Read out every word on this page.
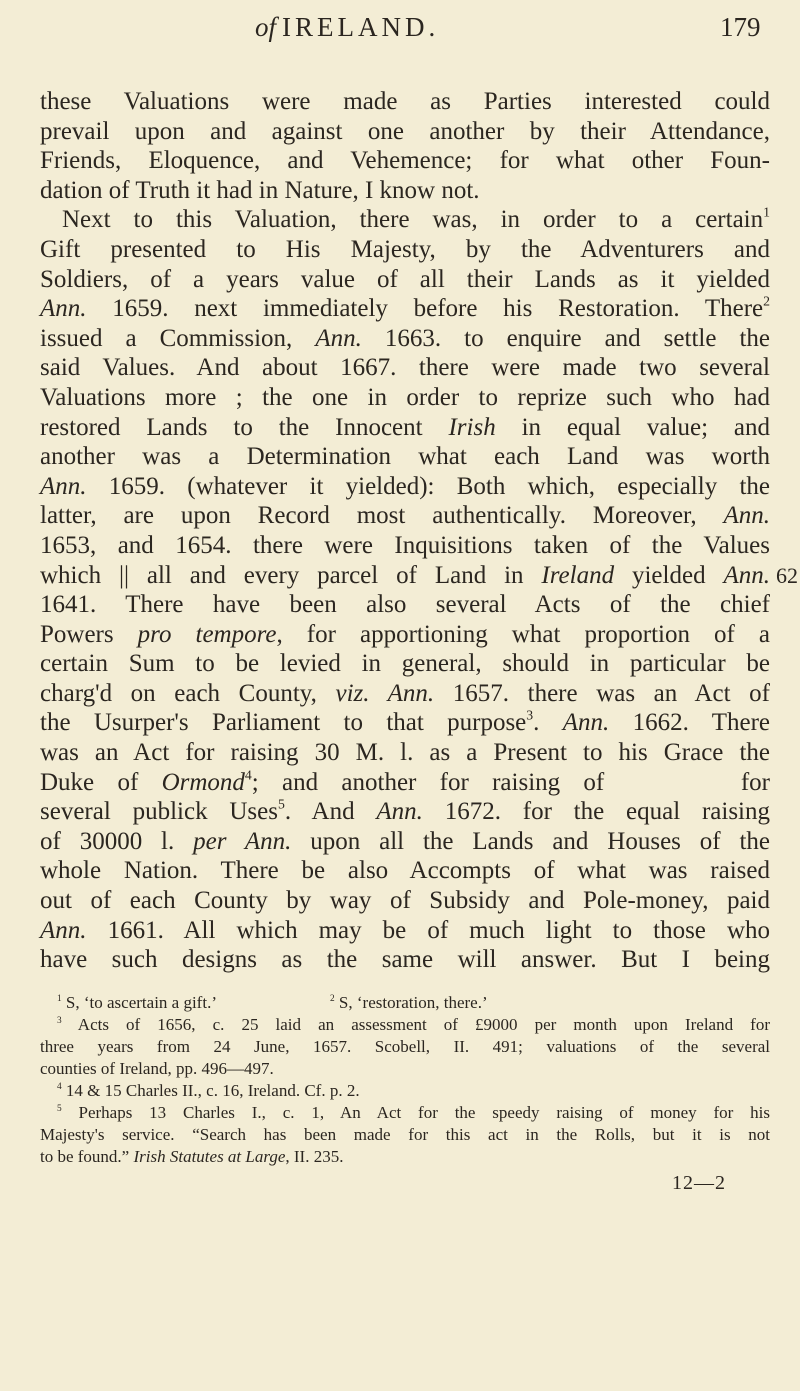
of IRELAND.	179
these Valuations were made as Parties interested could
prevail upon and against one another by their Attendance,
Friends, Eloquence, and Vehemence; for what other Foun-
dation of Truth it had in Nature, I know not.
Next to this Valuation, there was, in order to a certain$^1$
Gift presented to His Majesty, by the Adventurers and
Soldiers, of a years value of all their Lands as it yielded
Ann. 1659. next immediately before his Restoration. There$^2$
issued a Commission, Ann. 1663. to enquire and settle the
said Values. And about 1667. there were made two several
Valuations more ; the one in order to reprize such who had
restored Lands to the Innocent Irish in equal value; and
another was a Determination what each Land was worth
Ann. 1659. (whatever it yielded): Both which, especially the
latter, are upon Record most authentically. Moreover, Ann.
1653, and 1654. there were Inquisitions taken of the Values
which || all and every parcel of Land in Ireland yielded Ann. 62
1641. There have been also several Acts of the chief
Powers pro tempore, for apportioning what proportion of a
certain Sum to be levied in general, should in particular be
charg'd on each County, viz. Ann. 1657. there was an Act of
the Usurper's Parliament to that purpose$^3$. Ann. 1662. There
was an Act for raising 30 M. l. as a Present to his Grace the
Duke of Ormond$^4$; and another for raising of	for
several publick Uses$^5$. And Ann. 1672. for the equal raising
of 30000 l. per Ann. upon all the Lands and Houses of the
whole Nation. There be also Accompts of what was raised
out of each County by way of Subsidy and Pole-money, paid
Ann. 1661. All which may be of much light to those who
have such designs as the same will answer. But I being
$^1$ S, ‘to ascertain a gift.’	$^2$ S, ‘restoration, there.’
$^3$ Acts of 1656, c. 25 laid an assessment of £9000 per month upon Ireland for
three years from 24 June, 1657. Scobell, II. 491; valuations of the several
counties of Ireland, pp. 496—497.
$^4$ 14 & 15 Charles II., c. 16, Ireland. Cf. p. 2.
$^5$ Perhaps 13 Charles I., c. 1, An Act for the speedy raising of money for his
Majesty's service. “Search has been made for this act in the Rolls, but it is not
to be found.” Irish Statutes at Large, II. 235.
12—2
